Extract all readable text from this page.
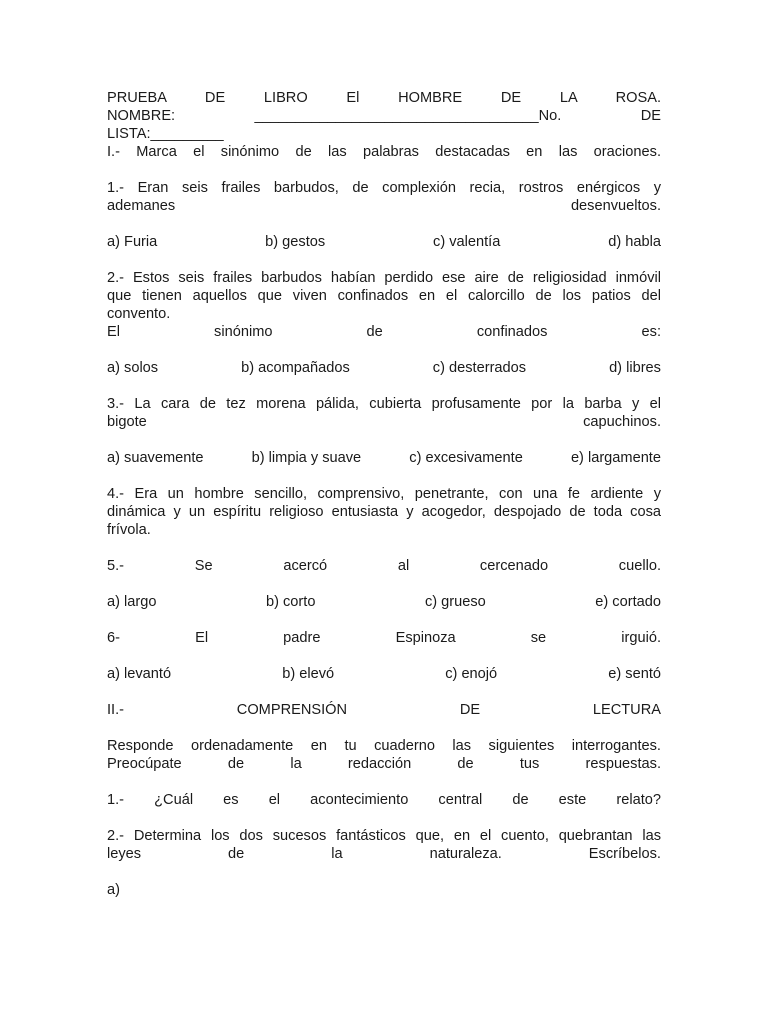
PRUEBA DE LIBRO El HOMBRE DE LA ROSA.
NOMBRE: ___________________________________No. DE
LISTA:_________
I.- Marca el sinónimo de las palabras destacadas en las oraciones.
1.- Eran seis frailes barbudos, de complexión recia, rostros enérgicos y
ademanes desenvueltos.
a) Furia	b) gestos	c) valentía	d) habla
2.- Estos seis frailes barbudos habían perdido ese aire de religiosidad inmóvil
que tienen aquellos que viven confinados en el calorcillo de los patios del
convento.
El sinónimo de confinados es:
a) solos	b) acompañados	c) desterrados	d) libres
3.- La cara de tez morena pálida, cubierta profusamente por la barba y el
bigote capuchinos.
a) suavemente	b) limpia y suave	c) excesivamente	e) largamente
4.- Era un hombre sencillo, comprensivo, penetrante, con una fe ardiente y
dinámica y un espíritu religioso entusiasta y acogedor, despojado de toda cosa
frívola.
5.- Se acercó al cercenado cuello.
a) largo	b) corto	c) grueso	e) cortado
6- El padre Espinoza se irguió.
a) levantó	b) elevó	c) enojó	e) sentó
II.- COMPRENSIÓN DE LECTURA
Responde ordenadamente en tu cuaderno las siguientes interrogantes.
Preocúpate de la redacción de tus respuestas.
1.- ¿Cuál es el acontecimiento central de este relato?
2.- Determina los dos sucesos fantásticos que, en el cuento, quebrantan las
leyes de la naturaleza. Escríbelos.
a)
